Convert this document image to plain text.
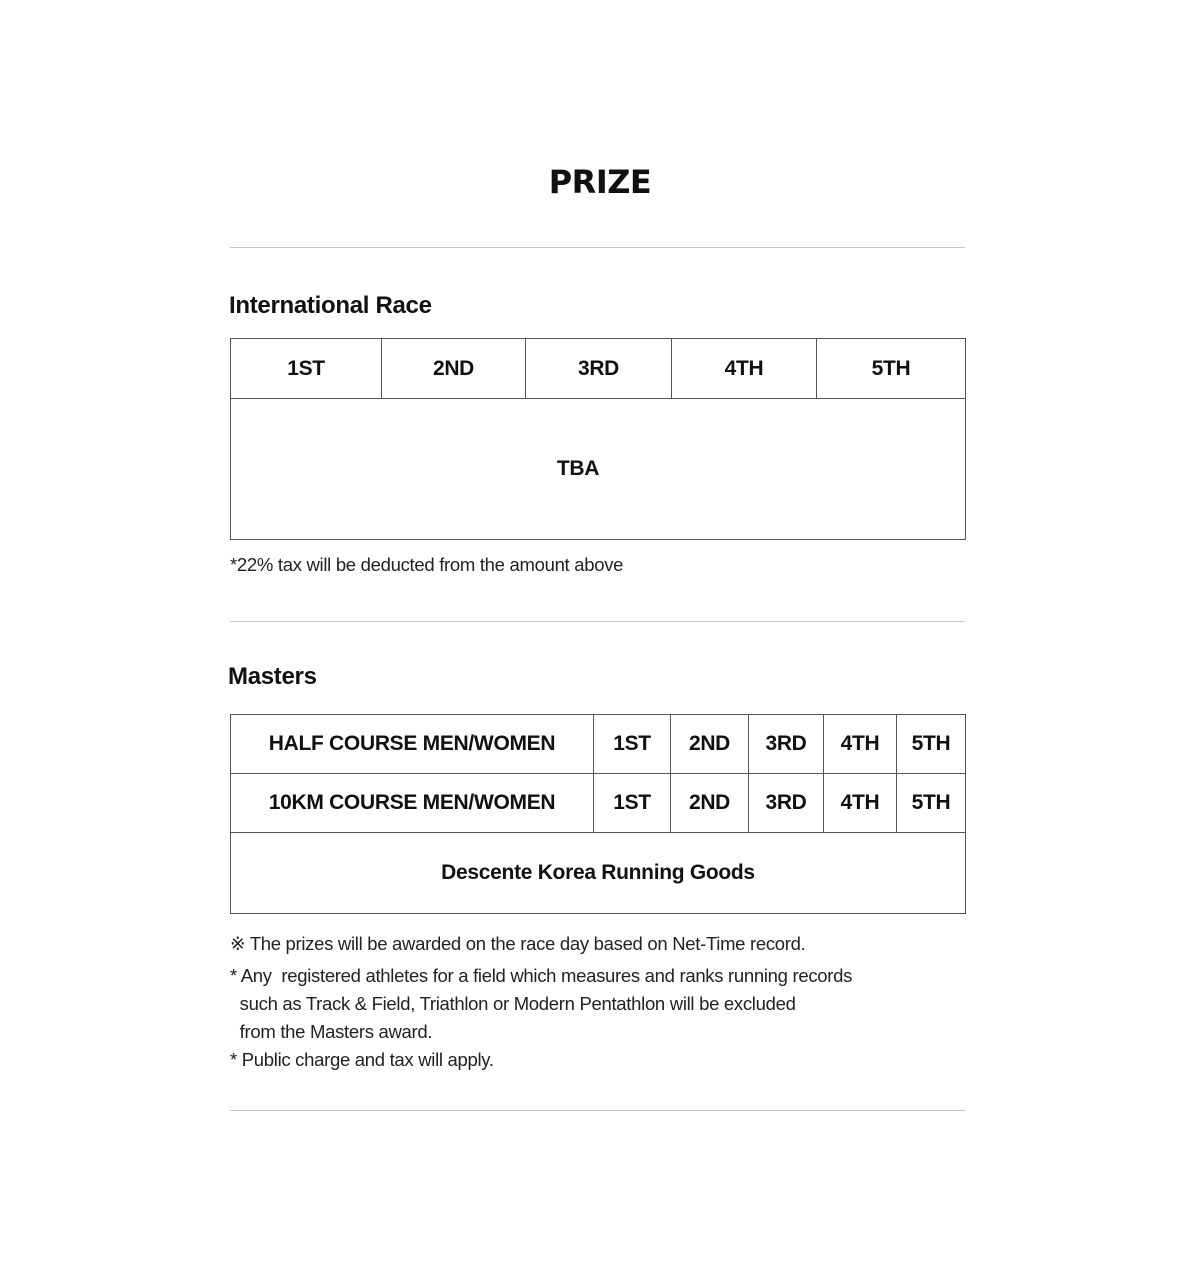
PRIZE
International Race
1ST	2ND	3RD	4TH	5TH
TBA
*22% tax will be deducted from the amount above
Masters
HALF COURSE MEN/WOMEN	1ST	2ND	3RD	4TH	5TH
10KM COURSE MEN/WOMEN	1ST	2ND	3RD	4TH	5TH
Descente Korea Running Goods					
※ The prizes will be awarded on the race day based on Net-Time record.
* Any  registered athletes for a field which measures and ranks running records
such as Track & Field, Triathlon or Modern Pentathlon will be excluded
from the Masters award.
* Public charge and tax will apply.
